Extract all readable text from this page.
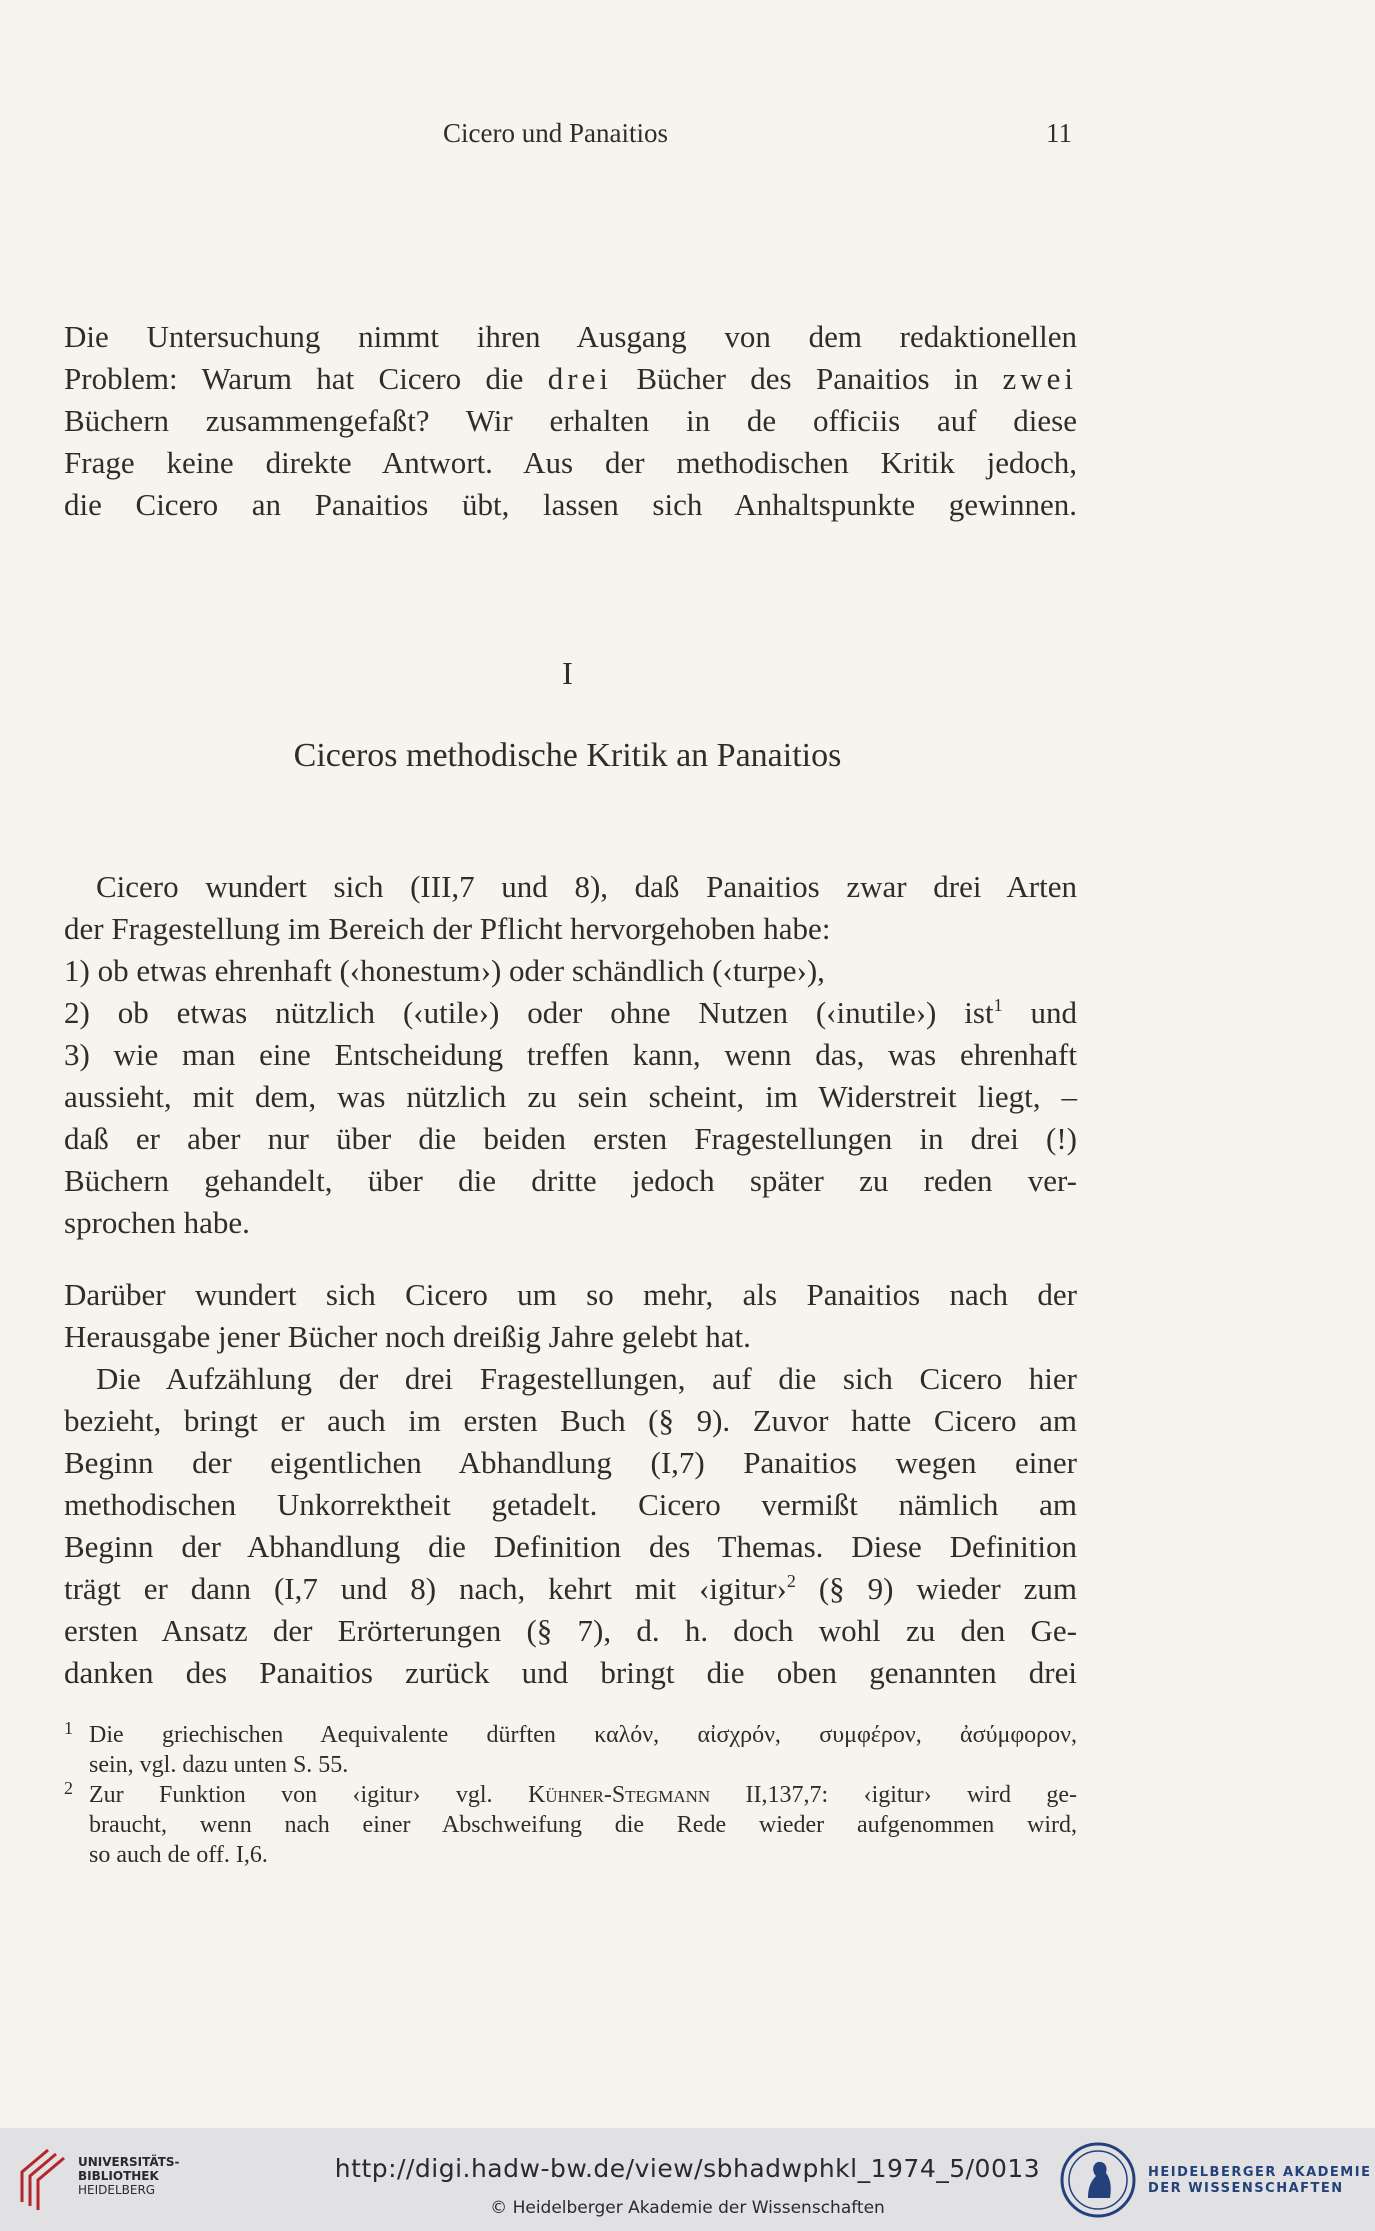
Cicero und Panaitios	11
Die Untersuchung nimmt ihren Ausgang von dem redaktionellen
Problem: Warum hat Cicero die drei Bücher des Panaitios in zwei
Büchern zusammengefaßt? Wir erhalten in de officiis auf diese
Frage keine direkte Antwort. Aus der methodischen Kritik jedoch,
die Cicero an Panaitios übt, lassen sich Anhaltspunkte gewinnen.
I
Ciceros methodische Kritik an Panaitios
Cicero wundert sich (III,7 und 8), daß Panaitios zwar drei Arten
der Fragestellung im Bereich der Pflicht hervorgehoben habe:
1) ob etwas ehrenhaft (‹honestum›) oder schändlich (‹turpe›),
2) ob etwas nützlich (‹utile›) oder ohne Nutzen (‹inutile›) ist$^1$ und
3) wie man eine Entscheidung treffen kann, wenn das, was ehrenhaft
aussieht, mit dem, was nützlich zu sein scheint, im Widerstreit liegt, –
daß er aber nur über die beiden ersten Fragestellungen in drei (!)
Büchern gehandelt, über die dritte jedoch später zu reden ver-
sprochen habe.
Darüber wundert sich Cicero um so mehr, als Panaitios nach der
Herausgabe jener Bücher noch dreißig Jahre gelebt hat.
Die Aufzählung der drei Fragestellungen, auf die sich Cicero hier
bezieht, bringt er auch im ersten Buch (§ 9). Zuvor hatte Cicero am
Beginn der eigentlichen Abhandlung (I,7) Panaitios wegen einer
methodischen Unkorrektheit getadelt. Cicero vermißt nämlich am
Beginn der Abhandlung die Definition des Themas. Diese Definition
trägt er dann (I,7 und 8) nach, kehrt mit ‹igitur›$^2$ (§ 9) wieder zum
ersten Ansatz der Erörterungen (§ 7), d. h. doch wohl zu den Ge-
danken des Panaitios zurück und bringt die oben genannten drei
1 Die griechischen Aequivalente dürften καλόν, αἰσχρόν, συμφέρον, ἀσύμφορον,
sein, vgl. dazu unten S. 55.
2 Zur Funktion von ‹igitur› vgl. Kühner-Stegmann II,137,7: ‹igitur› wird ge-
braucht, wenn nach einer Abschweifung die Rede wieder aufgenommen wird,
so auch de off. I,6.
UNIVERSITÄTS-
BIBLIOTHEK
HEIDELBERG
http://digi.hadw-bw.de/view/sbhadwphkl_1974_5/0013
© Heidelberger Akademie der Wissenschaften
HEIDELBERGER AKADEMIE
DER WISSENSCHAFTEN
